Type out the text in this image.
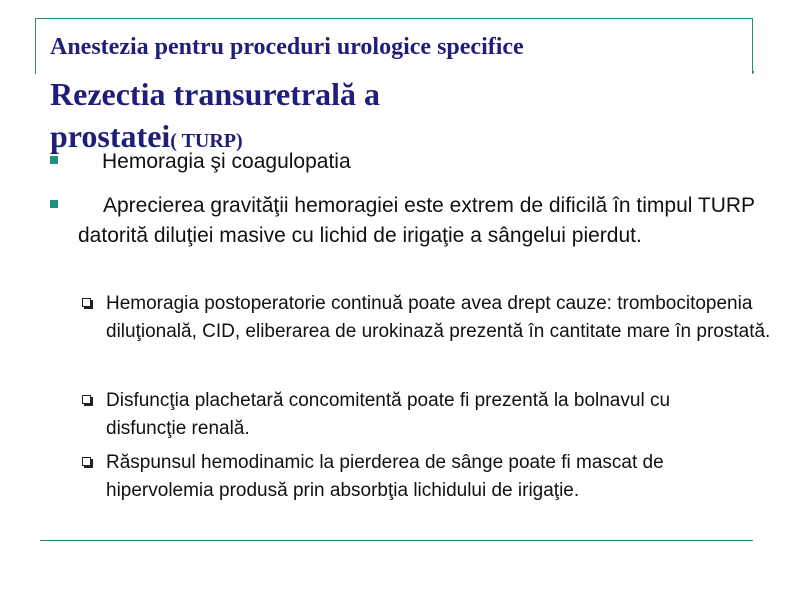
Anestezia pentru proceduri urologice specifice
Rezectia transuretrală a
prostatei( TURP)
Hemoragia şi coagulopatia
Aprecierea gravităţii hemoragiei este extrem de dificilă în timpul TURP datorită diluţiei masive cu lichid de irigaţie a sângelui pierdut.
Hemoragia postoperatorie continuă poate avea drept cauze: trombocitopenia diluţională, CID, eliberarea de urokinază prezentă în cantitate mare în prostată.
Disfuncţia plachetară concomitentă poate fi prezentă la bolnavul cu disfuncţie renală.
Răspunsul hemodinamic la pierderea de sânge poate fi mascat de hipervolemia produsă prin absorbţia lichidului de irigaţie.
